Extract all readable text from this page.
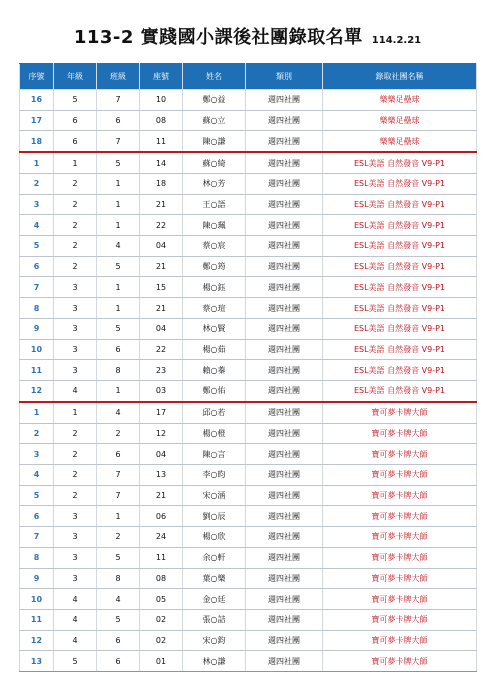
113-2 實踐國小課後社團錄取名單 114.2.21
序號	年級	班級	座號	姓名	類別	錄取社團名稱
16	5	7	10	鄭○益	週四社團	樂樂足壘球
17	6	6	08	蘇○立	週四社團	樂樂足壘球
18	6	7	11	陳○謙	週四社團	樂樂足壘球
1	1	5	14	蘇○綺	週四社團	ESL美語 自然發音 V9-P1
2	2	1	18	林○芳	週四社團	ESL美語 自然發音 V9-P1
3	2	1	21	王○語	週四社團	ESL美語 自然發音 V9-P1
4	2	1	22	陳○珮	週四社團	ESL美語 自然發音 V9-P1
5	2	4	04	蔡○宸	週四社團	ESL美語 自然發音 V9-P1
6	2	5	21	鄭○筠	週四社團	ESL美語 自然發音 V9-P1
7	3	1	15	楊○鈺	週四社團	ESL美語 自然發音 V9-P1
8	3	1	21	蔡○瑄	週四社團	ESL美語 自然發音 V9-P1
9	3	5	04	林○賢	週四社團	ESL美語 自然發音 V9-P1
10	3	6	22	楊○茹	週四社團	ESL美語 自然發音 V9-P1
11	3	8	23	賴○蓁	週四社團	ESL美語 自然發音 V9-P1
12	4	1	03	鄭○佑	週四社團	ESL美語 自然發音 V9-P1
1	1	4	17	邱○若	週四社團	寶可夢卡牌大師
2	2	2	12	楊○橙	週四社團	寶可夢卡牌大師
3	2	6	04	陳○言	週四社團	寶可夢卡牌大師
4	2	7	13	李○昀	週四社團	寶可夢卡牌大師
5	2	7	21	宋○涵	週四社團	寶可夢卡牌大師
6	3	1	06	劉○辰	週四社團	寶可夢卡牌大師
7	3	2	24	楊○欣	週四社團	寶可夢卡牌大師
8	3	5	11	余○軒	週四社團	寶可夢卡牌大師
9	3	8	08	葉○樂	週四社團	寶可夢卡牌大師
10	4	4	05	金○廷	週四社團	寶可夢卡牌大師
11	4	5	02	張○詰	週四社團	寶可夢卡牌大師
12	4	6	02	宋○鈞	週四社團	寶可夢卡牌大師
13	5	6	01	林○謙	週四社團	寶可夢卡牌大師
